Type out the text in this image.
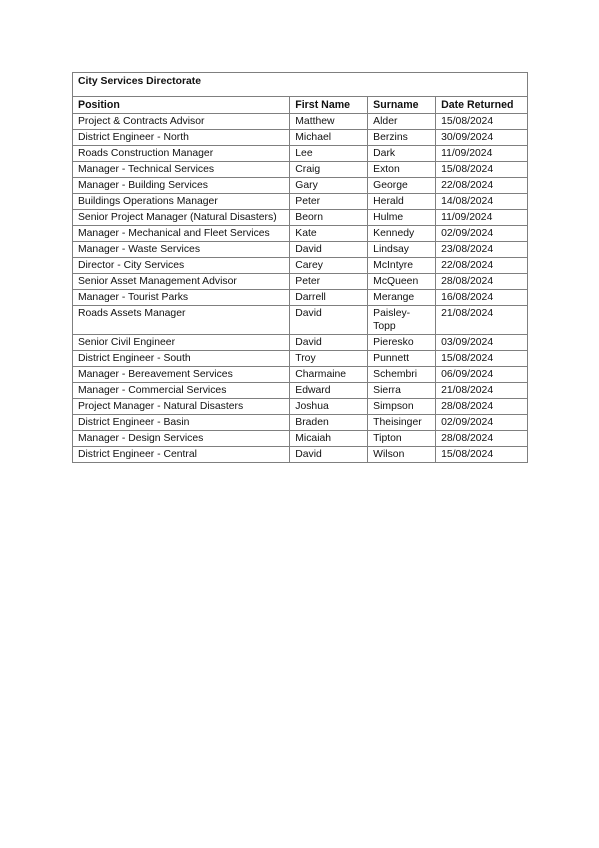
City Services Directorate			
Position	First Name	Surname	Date Returned
Project & Contracts Advisor	Matthew	Alder	15/08/2024
District Engineer - North	Michael	Berzins	30/09/2024
Roads Construction Manager	Lee	Dark	11/09/2024
Manager - Technical Services	Craig	Exton	15/08/2024
Manager - Building Services	Gary	George	22/08/2024
Buildings Operations Manager	Peter	Herald	14/08/2024
Senior Project Manager (Natural Disasters)	Beorn	Hulme	11/09/2024
Manager - Mechanical and Fleet Services	Kate	Kennedy	02/09/2024
Manager - Waste Services	David	Lindsay	23/08/2024
Director - City Services	Carey	McIntyre	22/08/2024
Senior Asset Management Advisor	Peter	McQueen	28/08/2024
Manager - Tourist Parks	Darrell	Merange	16/08/2024
Roads Assets Manager	David	Paisley-​Topp	21/08/2024
Senior Civil Engineer	David	Pieresko	03/09/2024
District Engineer - South	Troy	Punnett	15/08/2024
Manager - Bereavement Services	Charmaine	Schembri	06/09/2024
Manager - Commercial Services	Edward	Sierra	21/08/2024
Project Manager - Natural Disasters	Joshua	Simpson	28/08/2024
District Engineer - Basin	Braden	Theisinger	02/09/2024
Manager - Design Services	Micaiah	Tipton	28/08/2024
District Engineer - Central	David	Wilson	15/08/2024
